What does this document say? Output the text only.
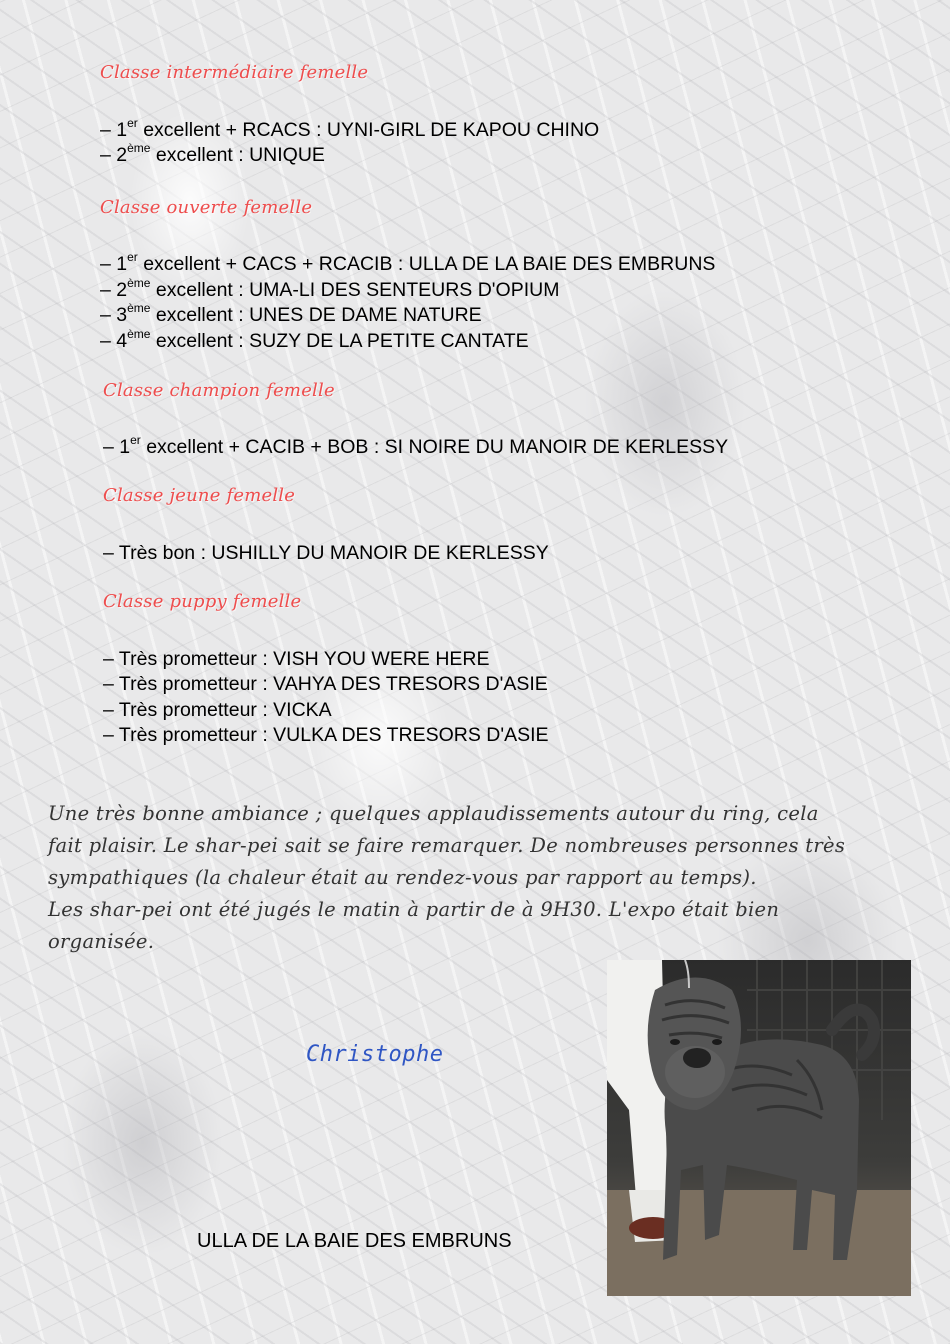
Classe intermédiaire femelle
– 1er excellent + RCACS : UYNI-GIRL DE KAPOU CHINO
– 2ème excellent : UNIQUE
Classe ouverte femelle
– 1er excellent + CACS + RCACIB : ULLA DE LA BAIE DES EMBRUNS
– 2ème excellent : UMA-LI DES SENTEURS D'OPIUM
– 3ème excellent : UNES DE DAME NATURE
– 4ème excellent : SUZY DE LA PETITE CANTATE
Classe champion femelle
– 1er excellent + CACIB + BOB : SI NOIRE DU MANOIR DE KERLESSY
Classe jeune femelle
– Très bon : USHILLY DU MANOIR DE KERLESSY
Classe puppy femelle
– Très prometteur : VISH YOU WERE HERE
– Très prometteur : VAHYA DES TRESORS D'ASIE
– Très prometteur : VICKA
– Très prometteur : VULKA DES TRESORS D'ASIE
Une très bonne ambiance ; quelques applaudissements autour du ring, cela
fait plaisir. Le shar-pei sait se faire remarquer. De nombreuses personnes très
sympathiques (la chaleur était au rendez-vous par rapport au temps).
Les shar-pei ont été jugés le matin à partir de à 9H30. L'expo était bien
organisée.
Christophe
ULLA DE LA BAIE DES EMBRUNS
